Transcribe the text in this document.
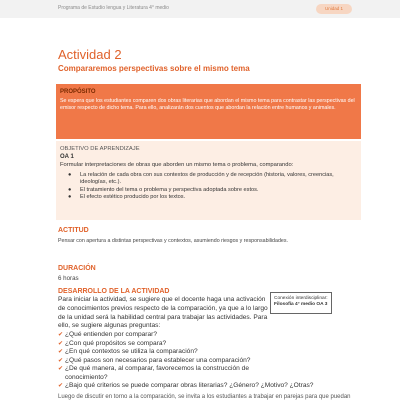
Programa de Estudio lengua y Literatura 4° medio	Unidad 1
Actividad 2
Compararemos perspectivas sobre el mismo tema
PROPÓSITO
Se espera que los estudiantes comparen dos obras literarias que abordan el mismo tema para contrastar las perspectivas del emisor respecto de dicho tema. Para ello, analizarán dos cuentos que abordan la relación entre humanos y animales.
OBJETIVO DE APRENDIZAJE
OA 1
Formular interpretaciones de obras que aborden un mismo tema o problema, comparando:
● La relación de cada obra con sus contextos de producción y de recepción (historia, valores, creencias, ideologías, etc.).
● El tratamiento del tema o problema y perspectiva adoptada sobre estos.
● El efecto estético producido por los textos.
ACTITUD
Pensar con apertura a distintas perspectivas y contextos, asumiendo riesgos y responsabilidades.
DURACIÓN
6 horas
DESARROLLO DE LA ACTIVIDAD

Para iniciar la actividad, se sugiere que el docente haga una activación de conocimientos previos respecto de la comparación, ya que a lo largo de la unidad será la habilidad central para trabajar las actividades. Para ello, se sugiere algunas preguntas:

✔ ¿Qué entienden por comparar?
✔ ¿Con qué propósitos se compara?
✔ ¿En qué contextos se utiliza la comparación?
✔ ¿Qué pasos son necesarios para establecer una comparación?
✔ ¿De qué manera, al comparar, favorecemos la construcción de conocimiento?
✔ ¿Bajo qué criterios se puede comparar obras literarias? ¿Género? ¿Motivo? ¿Otras?
Conexión interdisciplinar:
Filosofía 4° medio OA 3
Luego de discutir en torno a la comparación, se invita a los estudiantes a trabajar en parejas para que puedan
